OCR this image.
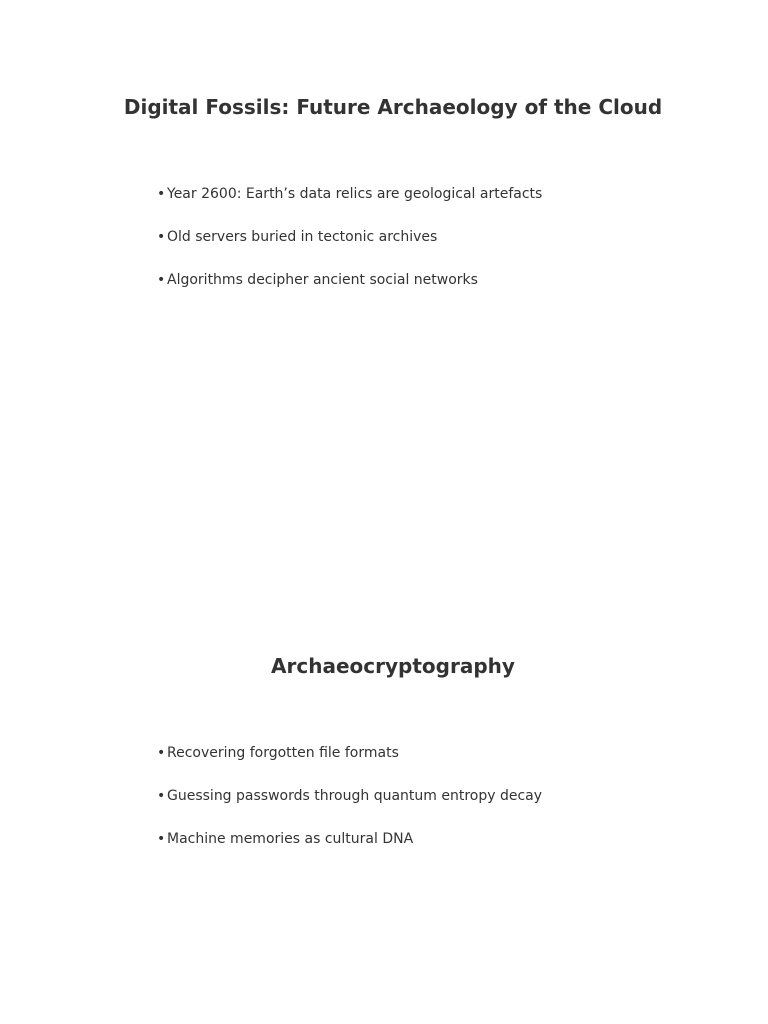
Digital Fossils: Future Archaeology of the Cloud
• Year 2600: Earth’s data relics are geological artefacts
• Old servers buried in tectonic archives
• Algorithms decipher ancient social networks
Archaeocryptography
• Recovering forgotten file formats
• Guessing passwords through quantum entropy decay
• Machine memories as cultural DNA
